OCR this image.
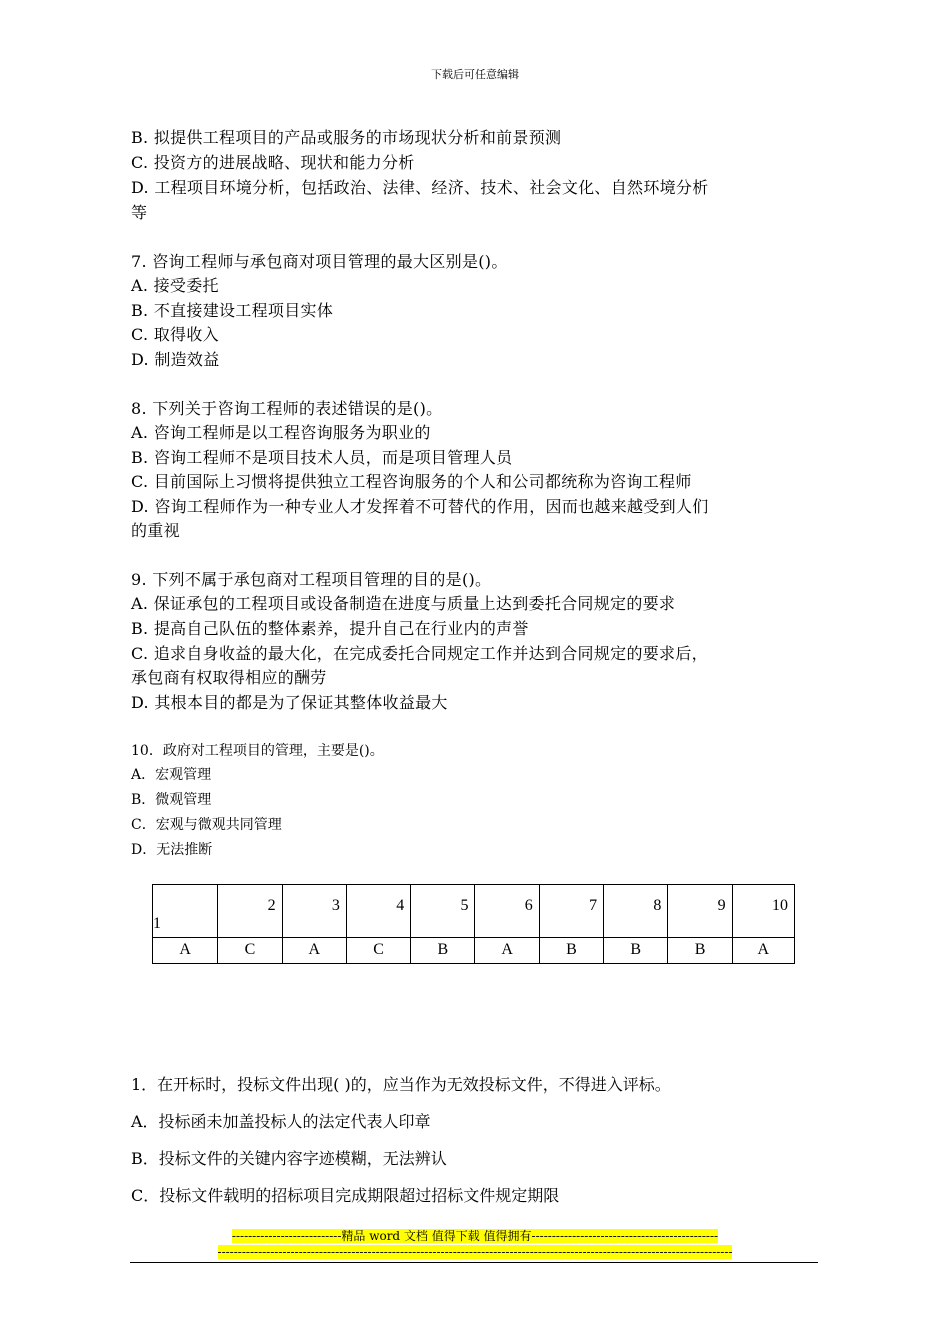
下载后可任意编辑
B. 拟提供工程项目的产品或服务的市场现状分析和前景预测
C. 投资方的进展战略、现状和能力分析
D. 工程项目环境分析，包括政治、法律、经济、技术、社会文化、自然环境分析
等
7. 咨询工程师与承包商对项目管理的最大区别是()。
A. 接受委托
B. 不直接建设工程项目实体
C. 取得收入
D. 制造效益
8. 下列关于咨询工程师的表述错误的是()。
A. 咨询工程师是以工程咨询服务为职业的
B. 咨询工程师不是项目技术人员，而是项目管理人员
C. 目前国际上习惯将提供独立工程咨询服务的个人和公司都统称为咨询工程师
D. 咨询工程师作为一种专业人才发挥着不可替代的作用，因而也越来越受到人们
的重视
9. 下列不属于承包商对工程项目管理的目的是()。
A. 保证承包的工程项目或设备制造在进度与质量上达到委托合同规定的要求
B. 提高自己队伍的整体素养，提升自己在行业内的声誉
C. 追求自身收益的最大化，在完成委托合同规定工作并达到合同规定的要求后，
承包商有权取得相应的酬劳
D. 其根本目的都是为了保证其整体收益最大
10．政府对工程项目的管理，主要是()。
A．宏观管理
B．微观管理
C．宏观与微观共同管理
D．无法推断
1	2	3	4	5	6	7	8	9	10
A	C	A	C	B	A	B	B	B	A
1．在开标时，投标文件出现( )的，应当作为无效投标文件，不得进入评标。
A．投标函未加盖投标人的法定代表人印章
B．投标文件的关键内容字迹模糊，无法辨认
C．投标文件载明的招标项目完成期限超过招标文件规定期限
---------------------------精品 word 文档 值得下载 值得拥有----------------------------------------------
-------------------------------------------------------------------------------------------------------------------------------
